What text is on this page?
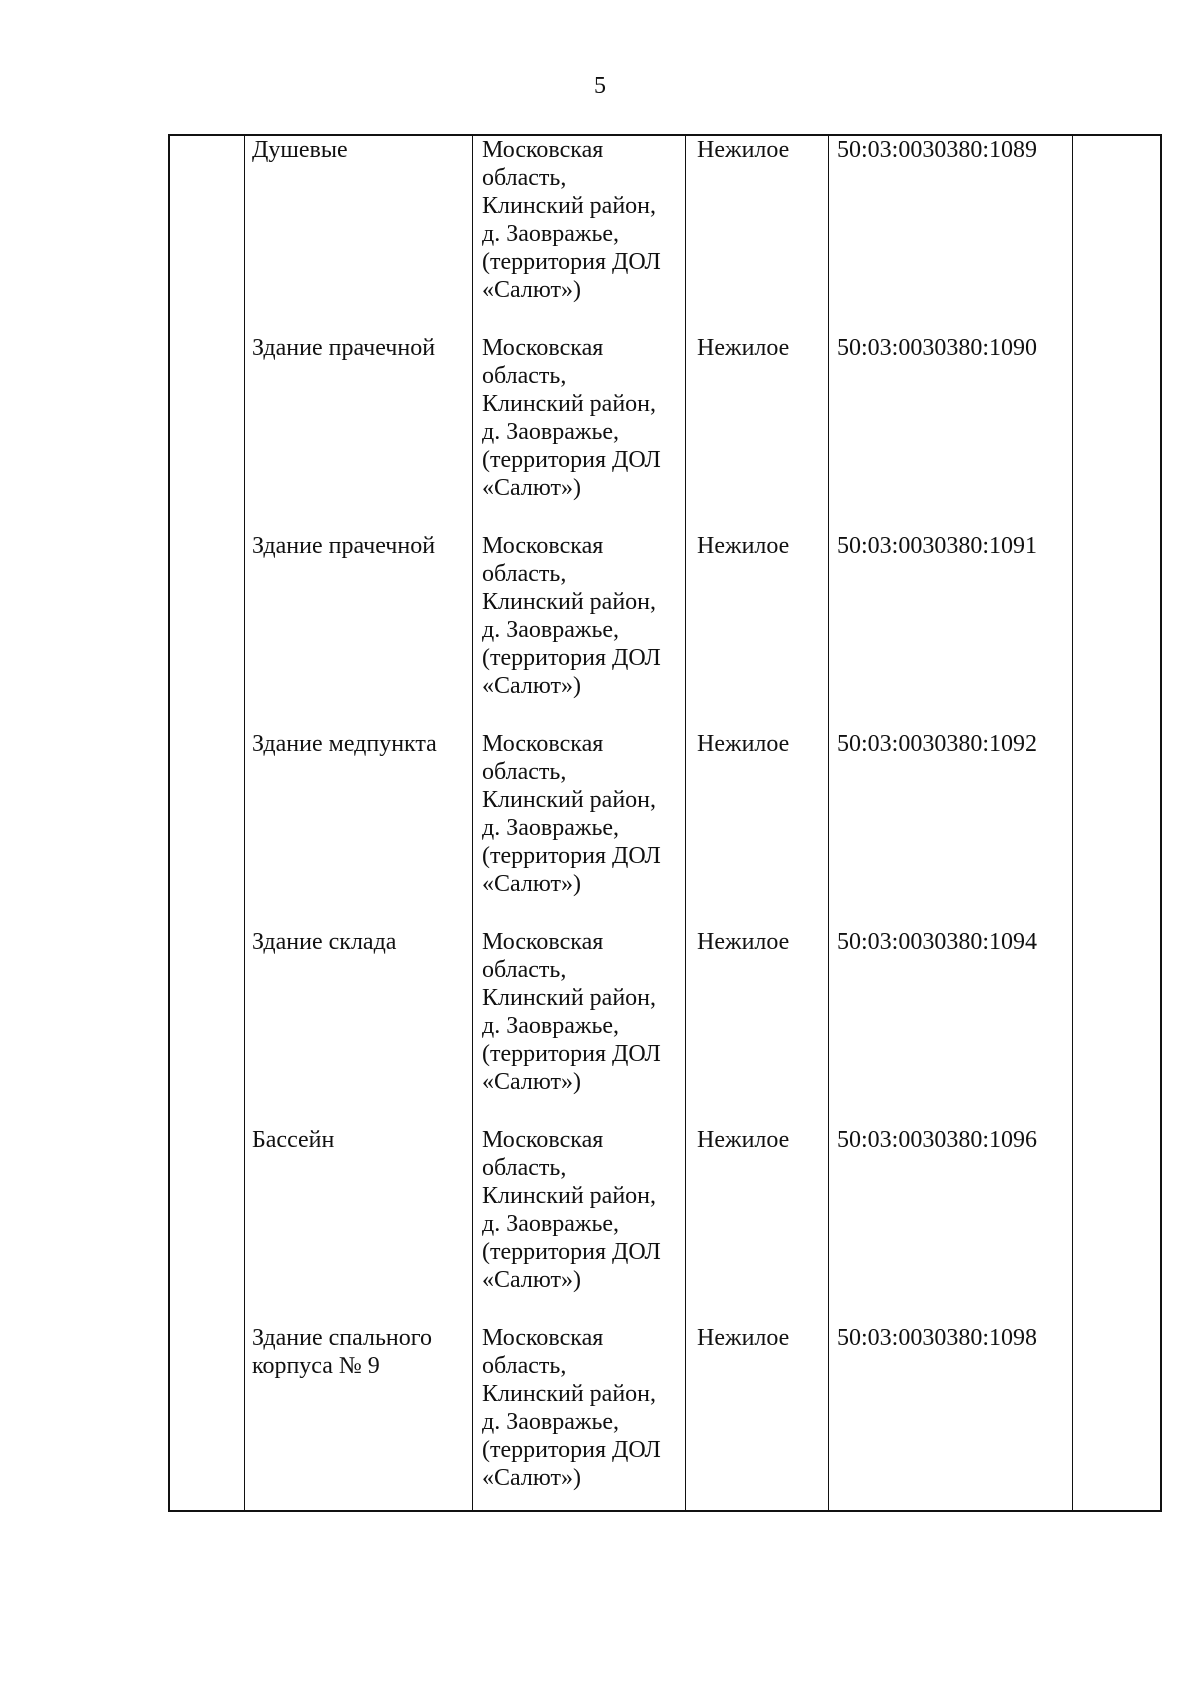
5
Душевые	Московская
область,
Клинский район,
д. Заовражье,
(территория ДОЛ
«Салют»)
Нежилое	50:03:0030380:1089
Здание прачечной	Московская
область,
Клинский район,
д. Заовражье,
(территория ДОЛ
«Салют»)
Нежилое	50:03:0030380:1090
Здание прачечной	Московская
область,
Клинский район,
д. Заовражье,
(территория ДОЛ
«Салют»)
Нежилое	50:03:0030380:1091
Здание медпункта	Московская
область,
Клинский район,
д. Заовражье,
(территория ДОЛ
«Салют»)
Нежилое	50:03:0030380:1092
Здание склада	Московская
область,
Клинский район,
д. Заовражье,
(территория ДОЛ
«Салют»)
Нежилое	50:03:0030380:1094
Бассейн	Московская
область,
Клинский район,
д. Заовражье,
(территория ДОЛ
«Салют»)
Нежилое	50:03:0030380:1096
Здание спального
корпуса № 9
Московская
область,
Клинский район,
д. Заовражье,
(территория ДОЛ
«Салют»)
Нежилое	50:03:0030380:1098
